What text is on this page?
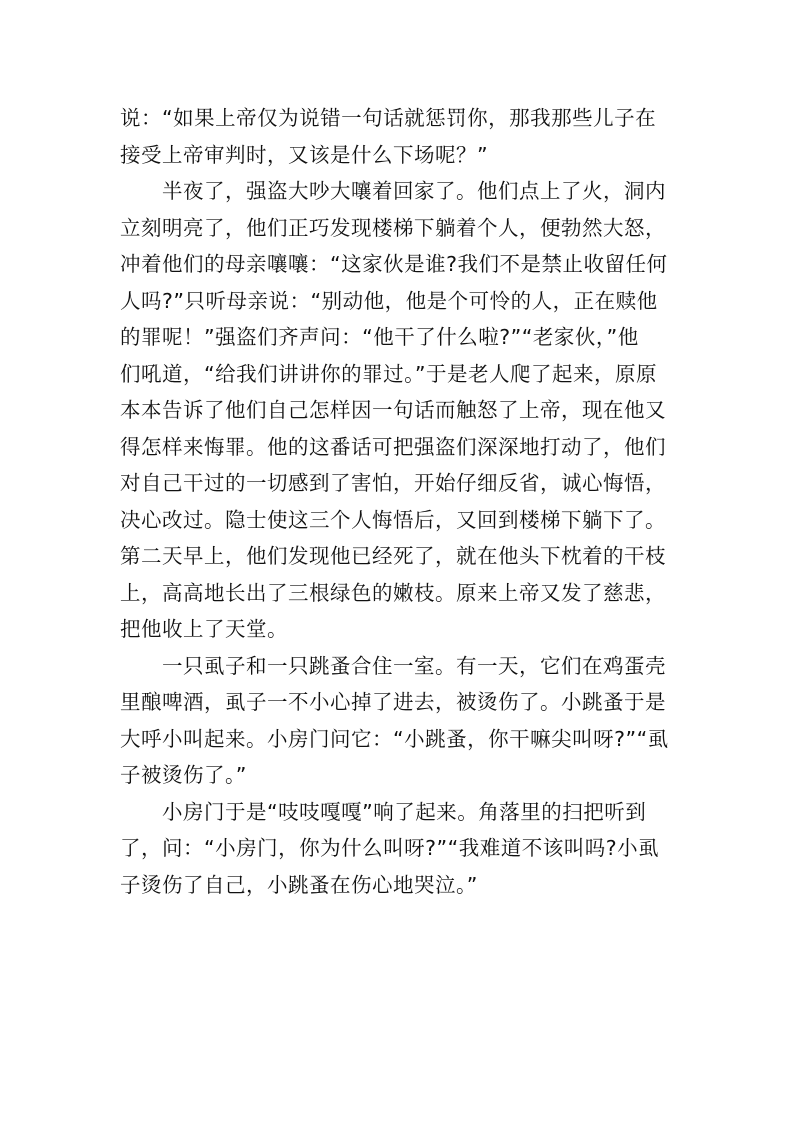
说：“如果上帝仅为说错一句话就惩罚你，那我那些儿子在
接受上帝审判时，又该是什么下场呢？”
半夜了，强盗大吵大嚷着回家了。他们点上了火，洞内
立刻明亮了，他们正巧发现楼梯下躺着个人，便勃然大怒，
冲着他们的母亲嚷嚷：“这家伙是谁?我们不是禁止收留任何
人吗?”只听母亲说：“别动他，他是个可怜的人，正在赎他
的罪呢！”强盗们齐声问：“他干了什么啦?”“老家伙，”他
们吼道，“给我们讲讲你的罪过。”于是老人爬了起来，原原
本本告诉了他们自己怎样因一句话而触怒了上帝，现在他又
得怎样来悔罪。他的这番话可把强盗们深深地打动了，他们
对自己干过的一切感到了害怕，开始仔细反省，诚心悔悟，
决心改过。隐士使这三个人悔悟后，又回到楼梯下躺下了。
第二天早上，他们发现他已经死了，就在他头下枕着的干枝
上，高高地长出了三根绿色的嫩枝。原来上帝又发了慈悲，
把他收上了天堂。
一只虱子和一只跳蚤合住一室。有一天，它们在鸡蛋壳
里酿啤酒，虱子一不小心掉了进去，被烫伤了。小跳蚤于是
大呼小叫起来。小房门问它：“小跳蚤，你干嘛尖叫呀?”“虱
子被烫伤了。”
小房门于是“吱吱嘎嘎”响了起来。角落里的扫把听到
了，问：“小房门，你为什么叫呀?”“我难道不该叫吗?小虱
子烫伤了自己，小跳蚤在伤心地哭泣。”
